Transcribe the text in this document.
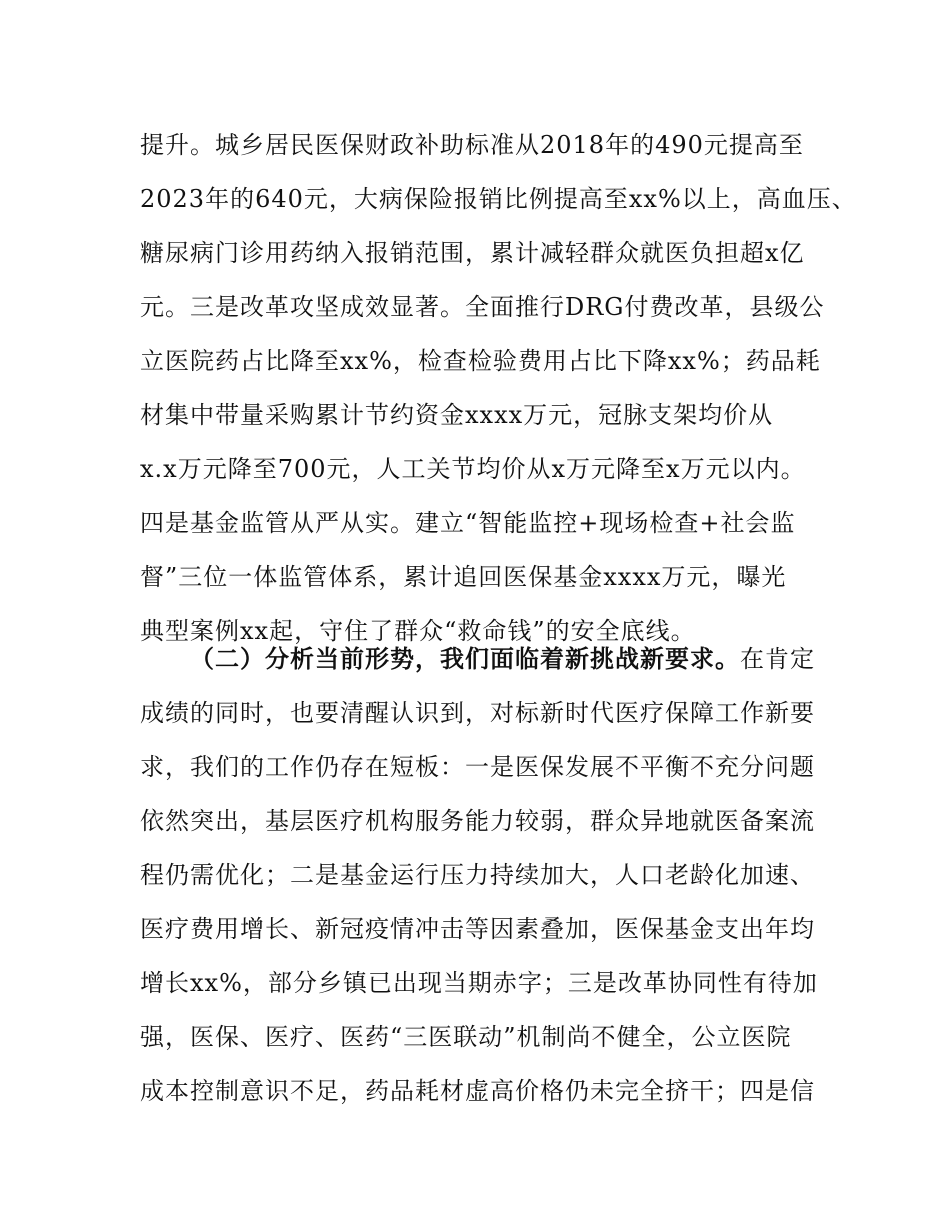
提升。城乡居民医保财政补助标准从2018年的490元提高至
2023年的640元，大病保险报销比例提高至xx%以上，高血压、
糖尿病门诊用药纳入报销范围，累计减轻群众就医负担超x亿
元。三是改革攻坚成效显著。全面推行DRG付费改革，县级公
立医院药占比降至xx%，检查检验费用占比下降xx%；药品耗
材集中带量采购累计节约资金xxxx万元，冠脉支架均价从
x.x万元降至700元，人工关节均价从x万元降至x万元以内。
四是基金监管从严从实。建立“智能监控+现场检查+社会监
督”三位一体监管体系，累计追回医保基金xxxx万元，曝光
典型案例xx起，守住了群众“救命钱”的安全底线。
（二）分析当前形势，我们面临着新挑战新要求。在肯定
成绩的同时，也要清醒认识到，对标新时代医疗保障工作新要
求，我们的工作仍存在短板：一是医保发展不平衡不充分问题
依然突出，基层医疗机构服务能力较弱，群众异地就医备案流
程仍需优化；二是基金运行压力持续加大，人口老龄化加速、
医疗费用增长、新冠疫情冲击等因素叠加，医保基金支出年均
增长xx%，部分乡镇已出现当期赤字；三是改革协同性有待加
强，医保、医疗、医药“三医联动”机制尚不健全，公立医院
成本控制意识不足，药品耗材虚高价格仍未完全挤干；四是信
